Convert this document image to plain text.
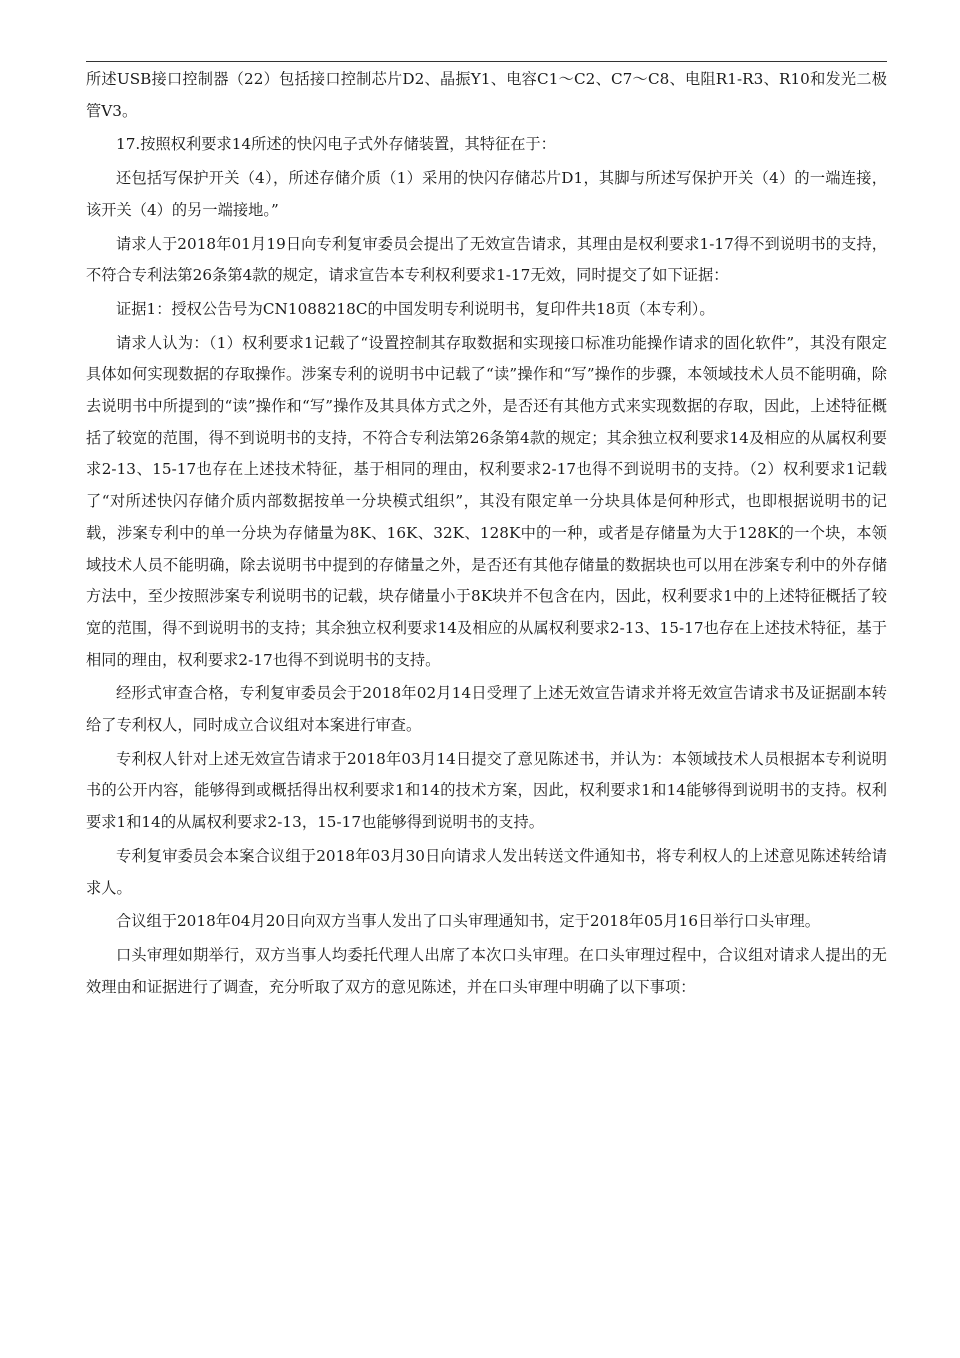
所述USB接口控制器（22）包括接口控制芯片D2、晶振Y1、电容C1～C2、C7～C8、电阻R1-R3、R10和发光二极管V3。

17.按照权利要求14所述的快闪电子式外存储装置，其特征在于：

还包括写保护开关（4），所述存储介质（1）采用的快闪存储芯片D1，其脚与所述写保护开关（4）的一端连接，该开关（4）的另一端接地。”

请求人于2018年01月19日向专利复审委员会提出了无效宣告请求，其理由是权利要求1-17得不到说明书的支持，不符合专利法第26条第4款的规定，请求宣告本专利权利要求1-17无效，同时提交了如下证据：

证据1：授权公告号为CN1088218C的中国发明专利说明书，复印件共18页（本专利）。

请求人认为：（1）权利要求1记载了“设置控制其存取数据和实现接口标准功能操作请求的固化软件”，其没有限定具体如何实现数据的存取操作。涉案专利的说明书中记载了“读”操作和“写”操作的步骤，本领域技术人员不能明确，除去说明书中所提到的“读”操作和“写”操作及其具体方式之外，是否还有其他方式来实现数据的存取，因此，上述特征概括了较宽的范围，得不到说明书的支持，不符合专利法第26条第4款的规定；其余独立权利要求14及相应的从属权利要求2-13、15-17也存在上述技术特征，基于相同的理由，权利要求2-17也得不到说明书的支持。（2）权利要求1记载了“对所述快闪存储介质内部数据按单一分块模式组织”，其没有限定单一分块具体是何种形式，也即根据说明书的记载，涉案专利中的单一分块为存储量为8K、16K、32K、128K中的一种，或者是存储量为大于128K的一个块，本领域技术人员不能明确，除去说明书中提到的存储量之外，是否还有其他存储量的数据块也可以用在涉案专利中的外存储方法中，至少按照涉案专利说明书的记载，块存储量小于8K块并不包含在内，因此，权利要求1中的上述特征概括了较宽的范围，得不到说明书的支持；其余独立权利要求14及相应的从属权利要求2-13、15-17也存在上述技术特征，基于相同的理由，权利要求2-17也得不到说明书的支持。

经形式审查合格，专利复审委员会于2018年02月14日受理了上述无效宣告请求并将无效宣告请求书及证据副本转给了专利权人，同时成立合议组对本案进行审查。

专利权人针对上述无效宣告请求于2018年03月14日提交了意见陈述书，并认为：本领域技术人员根据本专利说明书的公开内容，能够得到或概括得出权利要求1和14的技术方案，因此，权利要求1和14能够得到说明书的支持。权利要求1和14的从属权利要求2-13，15-17也能够得到说明书的支持。

专利复审委员会本案合议组于2018年03月30日向请求人发出转送文件通知书，将专利权人的上述意见陈述转给请求人。

合议组于2018年04月20日向双方当事人发出了口头审理通知书，定于2018年05月16日举行口头审理。

口头审理如期举行，双方当事人均委托代理人出席了本次口头审理。在口头审理过程中，合议组对请求人提出的无效理由和证据进行了调查，充分听取了双方的意见陈述，并在口头审理中明确了以下事项：
